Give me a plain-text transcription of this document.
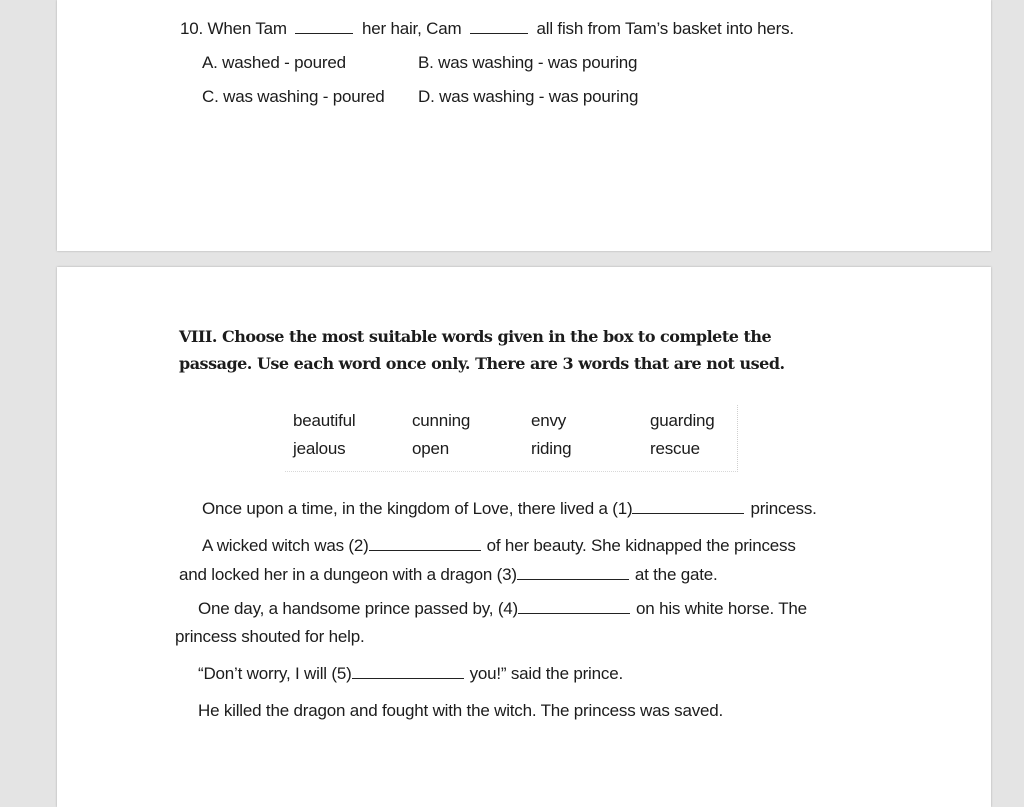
10. When Tam	her hair, Cam	all fish from Tam’s basket into hers.
A. washed - poured	B. was washing - was pouring
C. was washing - poured D. was washing - was pouring
VIII. Choose the most suitable words given in the box to complete the passage. Use each word once only. There are 3 words that are not used.
beautiful	cunning	envy	guarding
jealous	open	riding	rescue
Once upon a time, in the kingdom of Love, there lived a (1)	princess.
A wicked witch was (2)	of her beauty. She kidnapped the princess
and locked her in a dungeon with a dragon (3)	at the gate.
One day, a handsome prince passed by, (4)	on his white horse. The
princess shouted for help.
“Don’t worry, I will (5)	you!” said the prince.
He killed the dragon and fought with the witch. The princess was saved.
